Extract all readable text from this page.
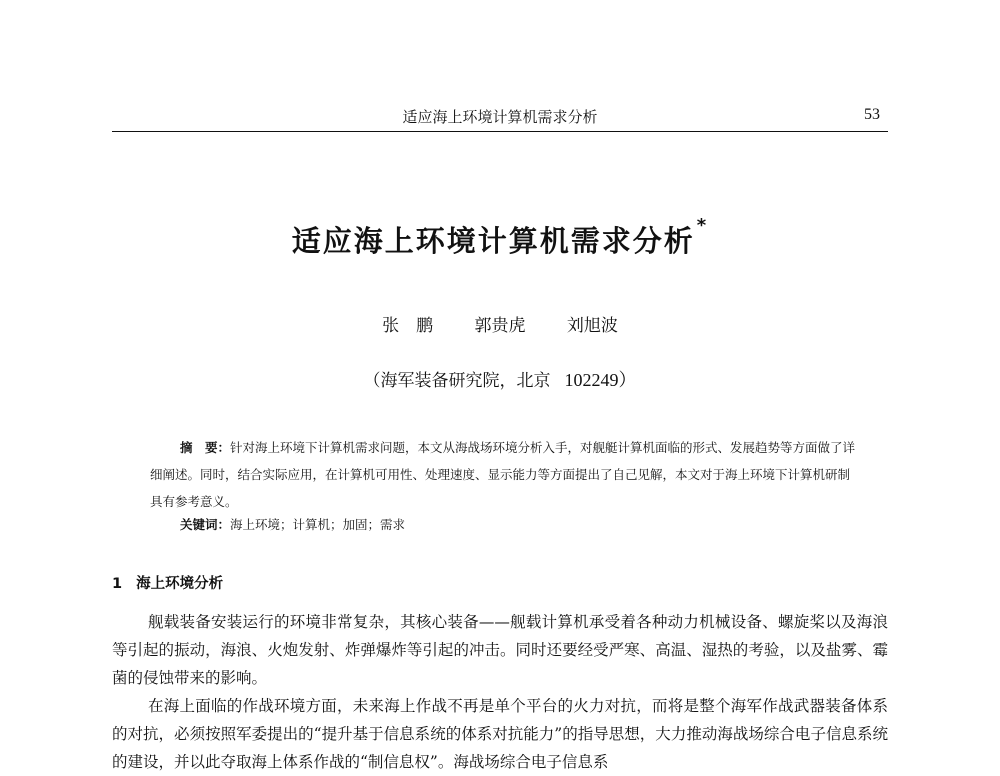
适应海上环境计算机需求分析	53
适应海上环境计算机需求分析 *
张　鹏 郭贵虎 刘旭波
（海军装备研究院，北京 102249）
摘　要：针对海上环境下计算机需求问题，本文从海战场环境分析入手，对舰艇计算机面临的形式、发展趋势等方面做了详细阐述。同时，结合实际应用，在计算机可用性、处理速度、显示能力等方面提出了自己见解，本文对于海上环境下计算机研制具有参考意义。
关键词：海上环境；计算机；加固；需求
1 海上环境分析

舰载装备安装运行的环境非常复杂，其核心装备——舰载计算机承受着各种动力机械设备、螺旋桨以及海浪等引起的振动，海浪、火炮发射、炸弹爆炸等引起的冲击。同时还要经受严寒、高温、湿热的考验，以及盐雾、霉菌的侵蚀带来的影响。

在海上面临的作战环境方面，未来海上作战不再是单个平台的火力对抗，而将是整个海军作战武器装备体系的对抗，必须按照军委提出的“提升基于信息系统的体系对抗能力”的指导思想，大力推动海战场综合电子信息系统的建设，并以此夺取海上体系作战的“制信息权”。海战场综合电子信息系
